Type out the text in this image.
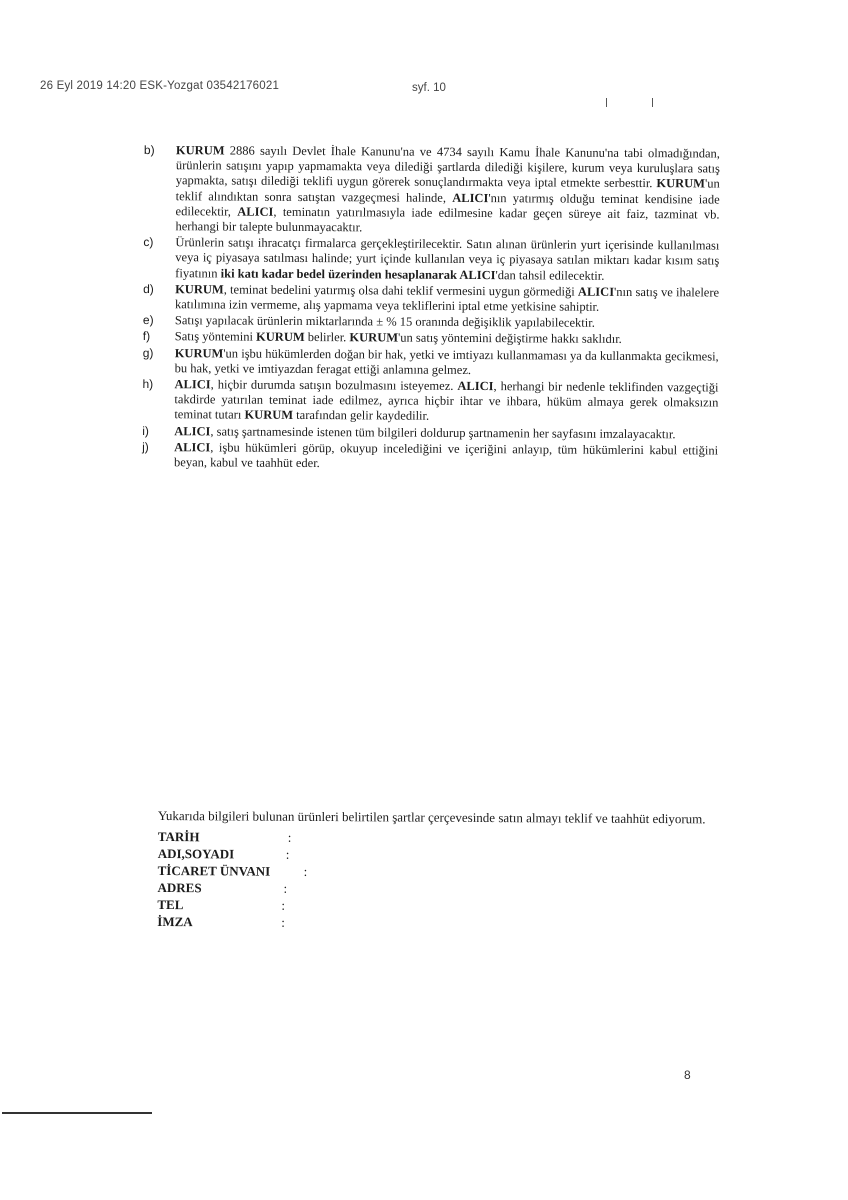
26 Eyl 2019 14:20 ESK-Yozgat 03542176021	syf. 10
b)	KURUM 2886 sayılı Devlet İhale Kanunu'na ve 4734 sayılı Kamu İhale Kanunu'na tabi olmadığından, ürünlerin satışını yapıp yapmamakta veya dilediği şartlarda dilediği kişilere, kurum veya kuruluşlara satış yapmakta, satışı dilediği teklifi uygun görerek sonuçlandırmakta veya iptal etmekte serbesttir. KURUM'un teklif alındıktan sonra satıştan vazgeçmesi halinde, ALICI'nın yatırmış olduğu teminat kendisine iade edilecektir, ALICI, teminatın yatırılmasıyla iade edilmesine kadar geçen süreye ait faiz, tazminat vb. herhangi bir talepte bulunmayacaktır.
c)	Ürünlerin satışı ihracatçı firmalarca gerçekleştirilecektir. Satın alınan ürünlerin yurt içerisinde kullanılması veya iç piyasaya satılması halinde; yurt içinde kullanılan veya iç piyasaya satılan miktarı kadar kısım satış fiyatının iki katı kadar bedel üzerinden hesaplanarak ALICI'dan tahsil edilecektir.
d)	KURUM, teminat bedelini yatırmış olsa dahi teklif vermesini uygun görmediği ALICI'nın satış ve ihalelere katılımına izin vermeme, alış yapmama veya tekliflerini iptal etme yetkisine sahiptir.
e)	Satışı yapılacak ürünlerin miktarlarında ± % 15 oranında değişiklik yapılabilecektir.
f)	Satış yöntemini KURUM belirler. KURUM'un satış yöntemini değiştirme hakkı saklıdır.
g)	KURUM'un işbu hükümlerden doğan bir hak, yetki ve imtiyazı kullanmaması ya da kullanmakta gecikmesi, bu hak, yetki ve imtiyazdan feragat ettiği anlamına gelmez.
h)	ALICI, hiçbir durumda satışın bozulmasını isteyemez. ALICI, herhangi bir nedenle teklifinden vazgeçtiği takdirde yatırılan teminat iade edilmez, ayrıca hiçbir ihtar ve ihbara, hüküm almaya gerek olmaksızın teminat tutarı KURUM tarafından gelir kaydedilir.
i)	ALICI, satış şartnamesinde istenen tüm bilgileri doldurup şartnamenin her sayfasını imzalayacaktır.
j)	ALICI, işbu hükümleri görüp, okuyup incelediğini ve içeriğini anlayıp, tüm hükümlerini kabul ettiğini beyan, kabul ve taahhüt eder.
Yukarıda bilgileri bulunan ürünleri belirtilen şartlar çerçevesinde satın almayı teklif ve taahhüt ediyorum.
TARİH	:
ADI,SOYADI	:
TİCARET ÜNVANI	:
ADRES	:
TEL	:
İMZA	:
8
